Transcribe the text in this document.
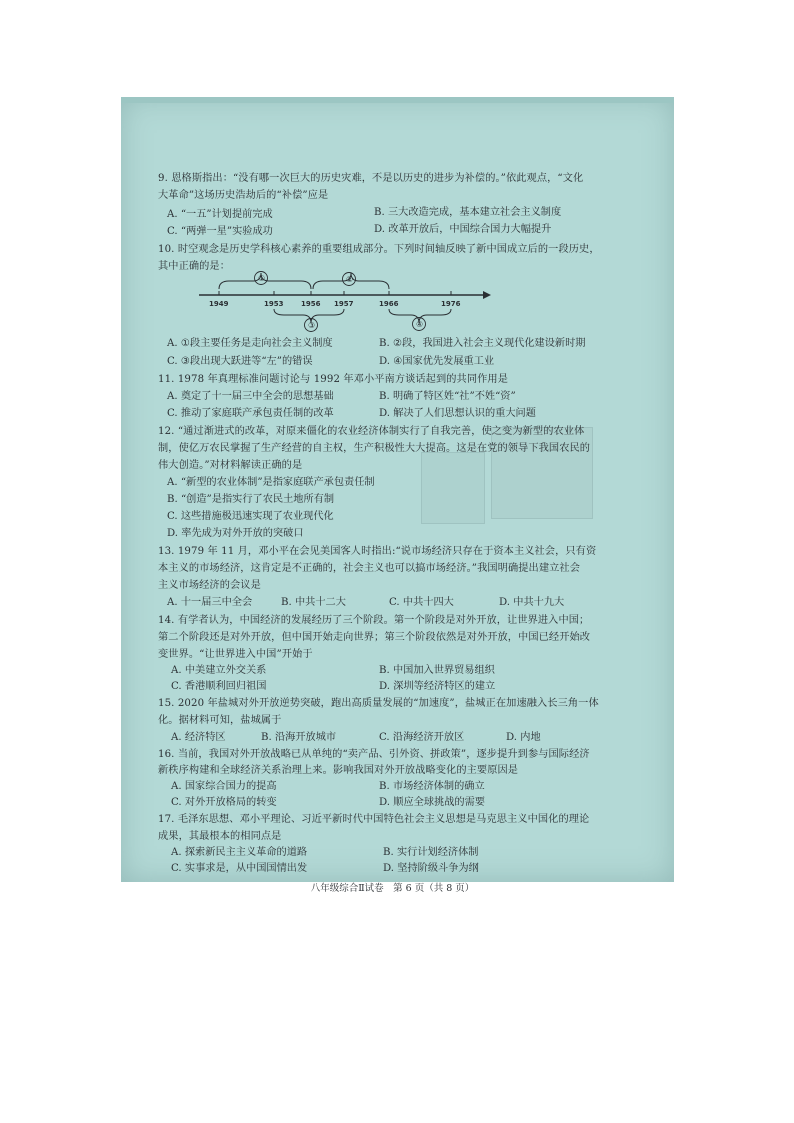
9. 恩格斯指出：“没有哪一次巨大的历史灾难，不是以历史的进步为补偿的。”依此观点，“文化
大革命”这场历史浩劫后的“补偿”应是
A. “一五”计划提前完成	B. 三大改造完成，基本建立社会主义制度
C. “两弹一星”实验成功	D. 改革开放后，中国综合国力大幅提升
10. 时空观念是历史学科核心素养的重要组成部分。下列时间轴反映了新中国成立后的一段历史，
其中正确的是：
①	②
1949	1953	1956 1957	1966	1976
③	④
A. ①段主要任务是走向社会主义制度	B. ②段，我国进入社会主义现代化建设新时期
C. ③段出现大跃进等“左”的错误	D. ④国家优先发展重工业
11. 1978 年真理标准问题讨论与 1992 年邓小平南方谈话起到的共同作用是
A. 奠定了十一届三中全会的思想基础	B. 明确了特区姓“社”不姓“资”
C. 推动了家庭联产承包责任制的改革	D. 解决了人们思想认识的重大问题
12. “通过渐进式的改革，对原来僵化的农业经济体制实行了自我完善，使之变为新型的农业体
制，使亿万农民掌握了生产经营的自主权，生产积极性大大提高。这是在党的领导下我国农民的
伟大创造。”对材料解读正确的是
A. “新型的农业体制”是指家庭联产承包责任制
B. “创造”是指实行了农民土地所有制
C. 这些措施极迅速实现了农业现代化
D. 率先成为对外开放的突破口
13. 1979 年 11 月，邓小平在会见美国客人时指出:“说市场经济只存在于资本主义社会，只有资
本主义的市场经济，这肯定是不正确的，社会主义也可以搞市场经济。”我国明确提出建立社会
主义市场经济的会议是
A. 十一届三中全会	B. 中共十二大	C. 中共十四大	D. 中共十九大
14. 有学者认为，中国经济的发展经历了三个阶段。第一个阶段是对外开放，让世界进入中国；
第二个阶段还是对外开放，但中国开始走向世界；第三个阶段依然是对外开放，中国已经开始改
变世界。“让世界进入中国”开始于
A. 中美建立外交关系	B. 中国加入世界贸易组织
C. 香港顺利回归祖国	D. 深圳等经济特区的建立
15. 2020 年盐城对外开放逆势突破，跑出高质量发展的“加速度”，盐城正在加速融入长三角一体
化。据材料可知，盐城属于
A. 经济特区	B. 沿海开放城市	C. 沿海经济开放区	D. 内地
16. 当前，我国对外开放战略已从单纯的“卖产品、引外资、拼政策”，逐步提升到参与国际经济
新秩序构建和全球经济关系治理上来。影响我国对外开放战略变化的主要原因是
A. 国家综合国力的提高	B. 市场经济体制的确立
C. 对外开放格局的转变	D. 顺应全球挑战的需要
17. 毛泽东思想、邓小平理论、习近平新时代中国特色社会主义思想是马克思主义中国化的理论
成果，其最根本的相同点是
A. 探索新民主主义革命的道路	B. 实行计划经济体制
C. 实事求是，从中国国情出发	D. 坚持阶级斗争为纲
八年级综合Ⅱ试卷　第 6 页（共 8 页）
